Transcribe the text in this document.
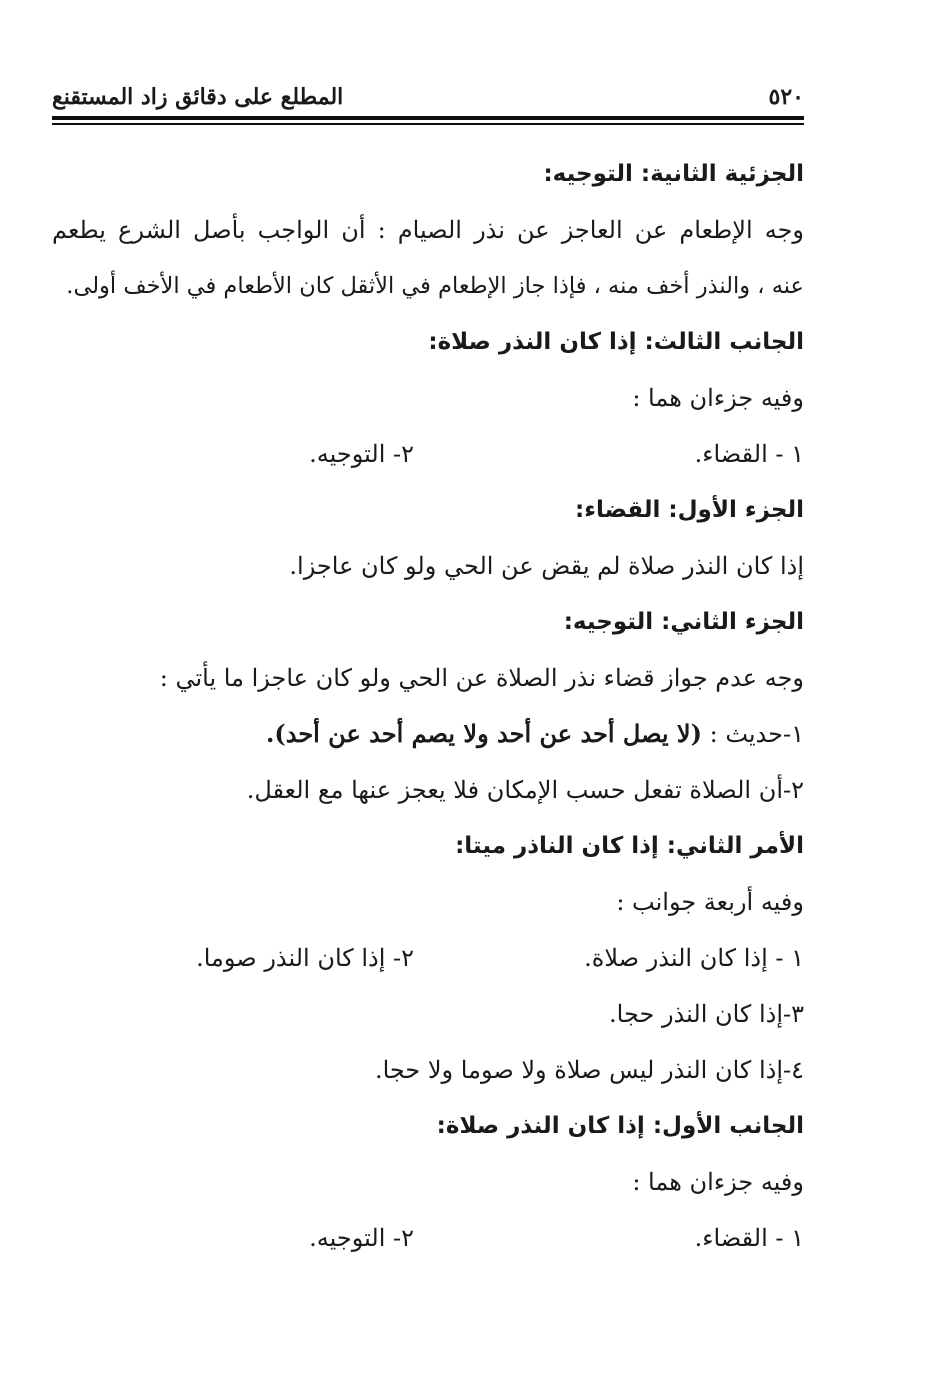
٥٢٠
المطلع على دقائق زاد المستقنع
الجزئية الثانية: التوجيه:
وجه الإطعام عن العاجز عن نذر الصيام : أن الواجب بأصل الشرع يطعم
عنه ، والنذر أخف منه ، فإذا جاز الإطعام في الأثقل كان الأطعام في الأخف أولى.
الجانب الثالث: إذا كان النذر صلاة:
وفيه جزءان هما :
١ - القضاء.
٢- التوجيه.
الجزء الأول: القضاء:
إذا كان النذر صلاة لم يقض عن الحي ولو كان عاجزا.
الجزء الثاني: التوجيه:
وجه عدم جواز قضاء نذر الصلاة عن الحي ولو كان عاجزا ما يأتي :
١-حديث : (لا يصل أحد عن أحد ولا يصم أحد عن أحد).
٢-أن الصلاة تفعل حسب الإمكان فلا يعجز عنها مع العقل.
الأمر الثاني: إذا كان الناذر ميتا:
وفيه أربعة جوانب :
١ - إذا كان النذر صلاة.
٢- إذا كان النذر صوما.
٣-إذا كان النذر حجا.
٤-إذا كان النذر ليس صلاة ولا صوما ولا حجا.
الجانب الأول: إذا كان النذر صلاة:
وفيه جزءان هما :
١ - القضاء.
٢- التوجيه.
